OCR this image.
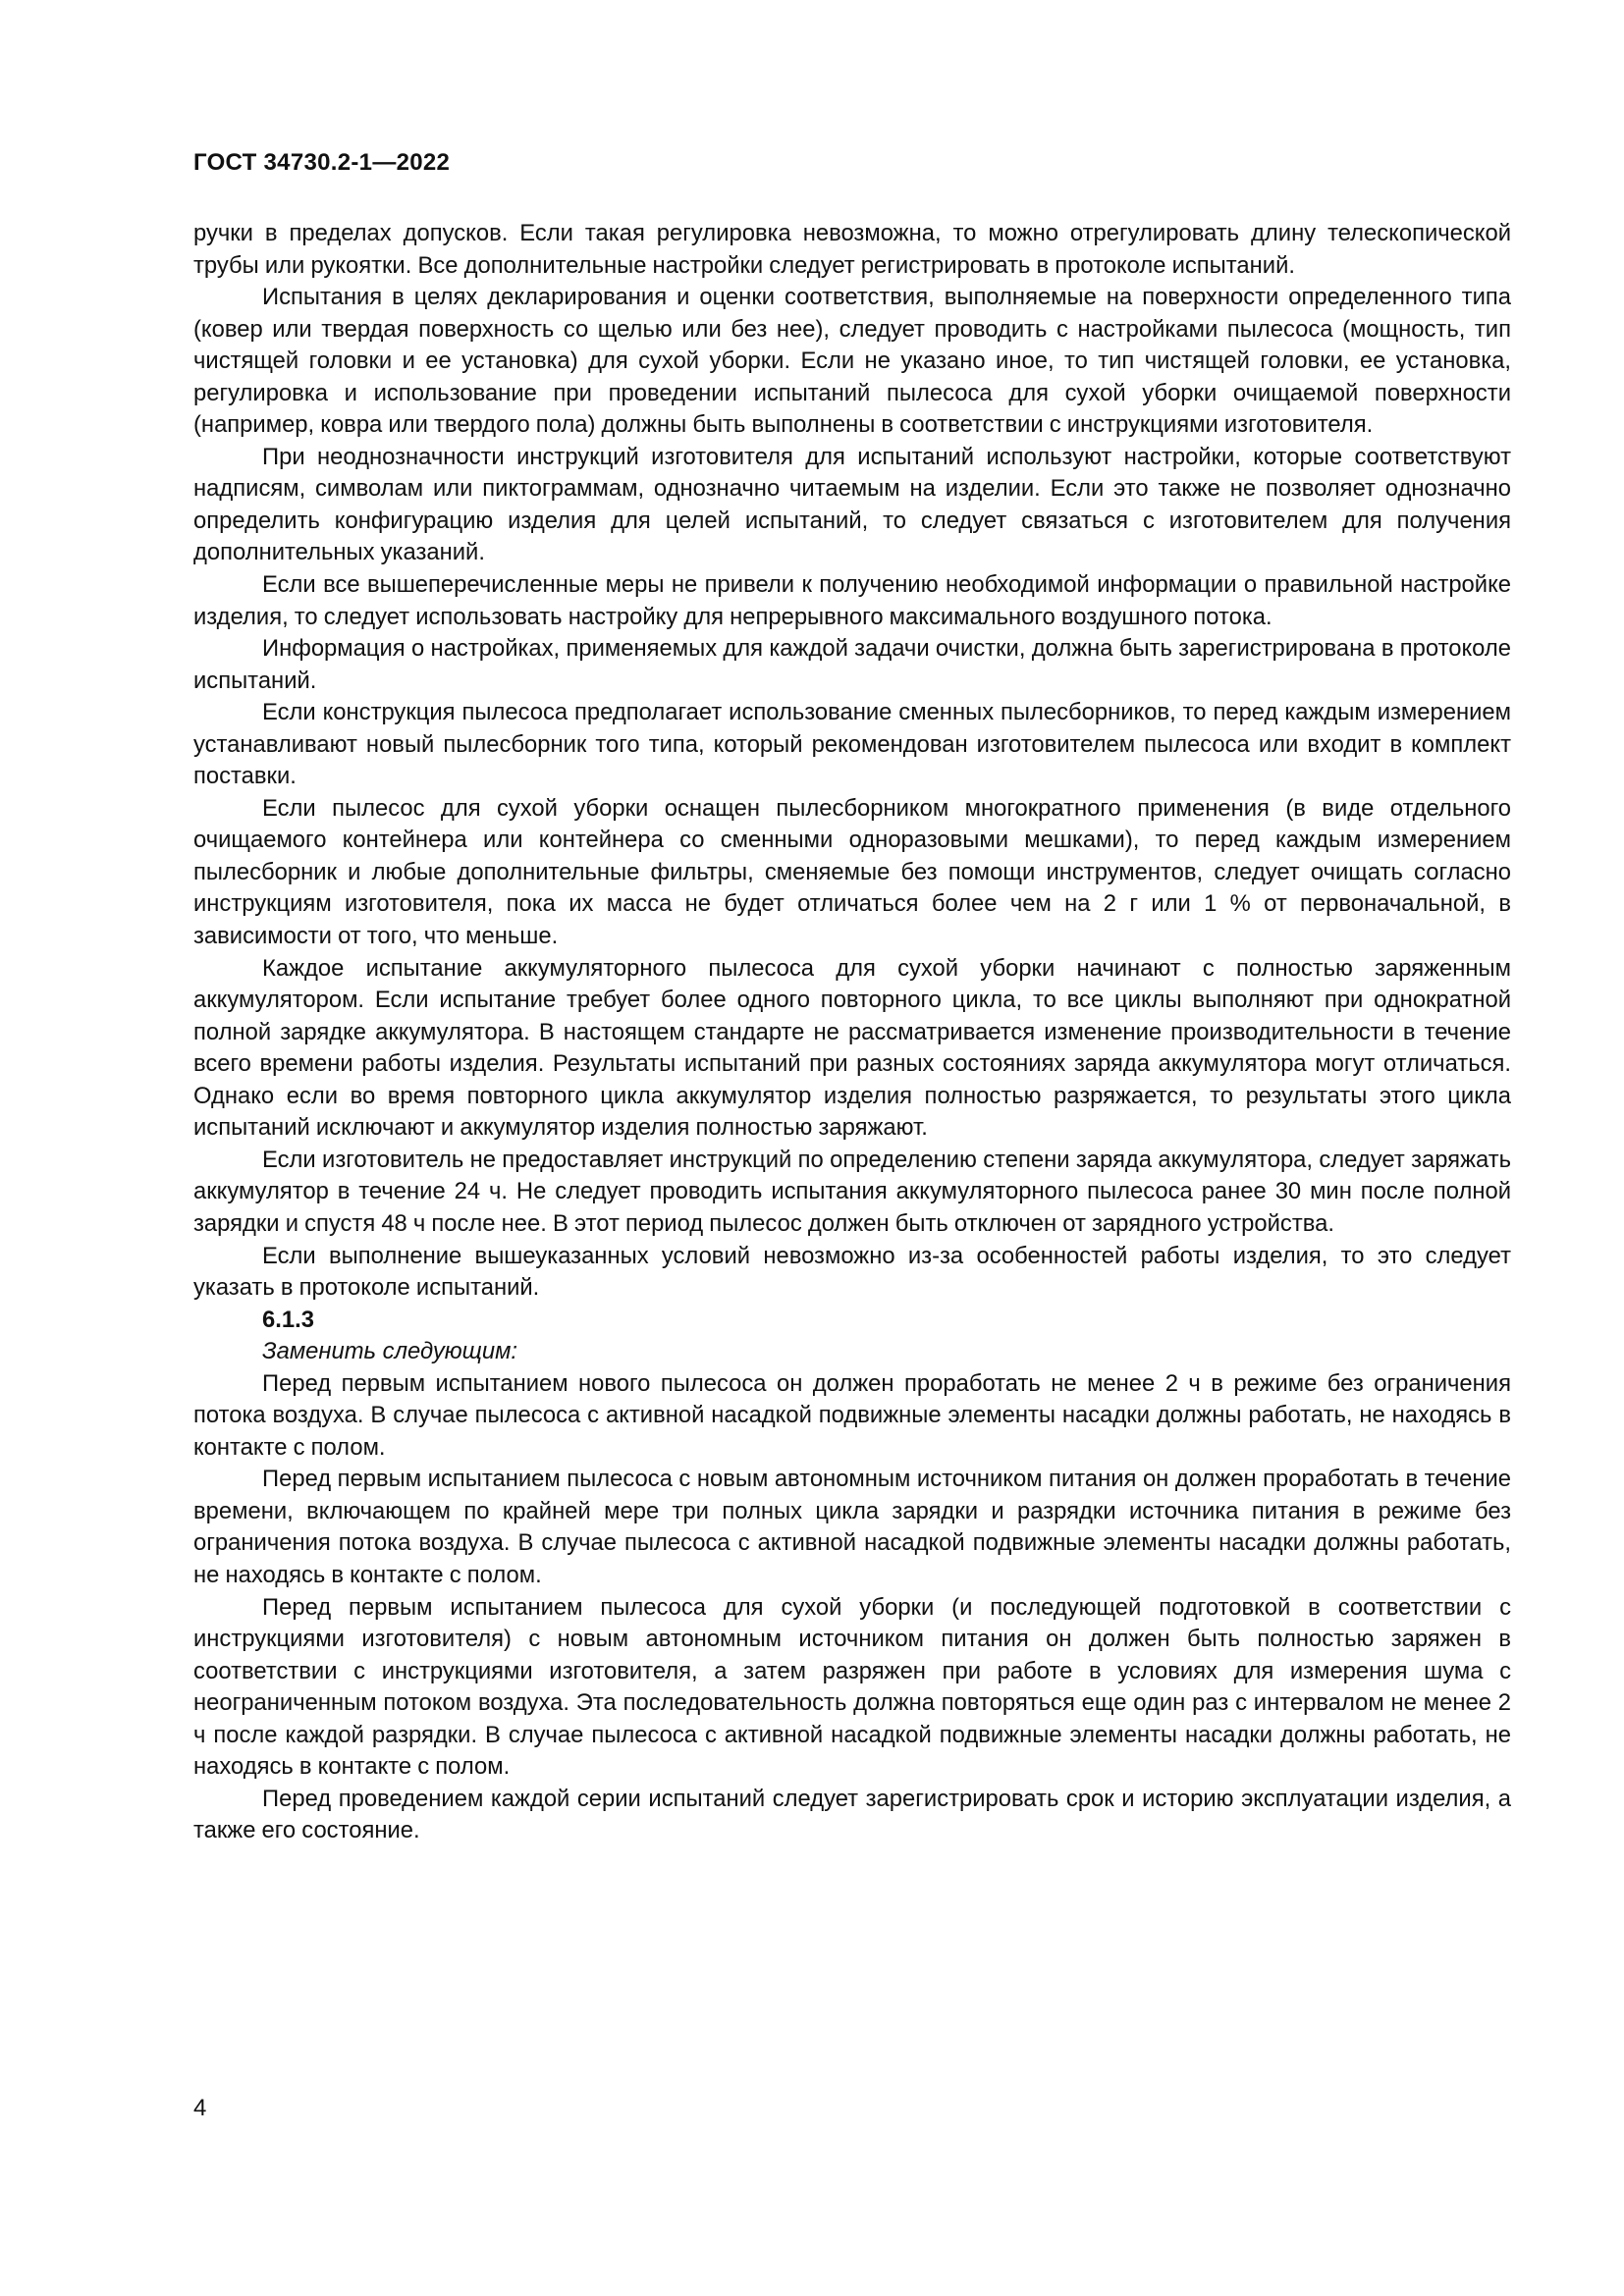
ГОСТ 34730.2-1—2022

ручки в пределах допусков. Если такая регулировка невозможна, то можно отрегулировать длину телескопической трубы или рукоятки. Все дополнительные настройки следует регистрировать в протоколе испытаний.

Испытания в целях декларирования и оценки соответствия, выполняемые на поверхности определенного типа (ковер или твердая поверхность со щелью или без нее), следует проводить с настройками пылесоса (мощность, тип чистящей головки и ее установка) для сухой уборки. Если не указано иное, то тип чистящей головки, ее установка, регулировка и использование при проведении испытаний пылесоса для сухой уборки очищаемой поверхности (например, ковра или твердого пола) должны быть выполнены в соответствии с инструкциями изготовителя.

При неоднозначности инструкций изготовителя для испытаний используют настройки, которые соответствуют надписям, символам или пиктограммам, однозначно читаемым на изделии. Если это также не позволяет однозначно определить конфигурацию изделия для целей испытаний, то следует связаться с изготовителем для получения дополнительных указаний.

Если все вышеперечисленные меры не привели к получению необходимой информации о правильной настройке изделия, то следует использовать настройку для непрерывного максимального воздушного потока.

Информация о настройках, применяемых для каждой задачи очистки, должна быть зарегистрирована в протоколе испытаний.

Если конструкция пылесоса предполагает использование сменных пылесборников, то перед каждым измерением устанавливают новый пылесборник того типа, который рекомендован изготовителем пылесоса или входит в комплект поставки.

Если пылесос для сухой уборки оснащен пылесборником многократного применения (в виде отдельного очищаемого контейнера или контейнера со сменными одноразовыми мешками), то перед каждым измерением пылесборник и любые дополнительные фильтры, сменяемые без помощи инструментов, следует очищать согласно инструкциям изготовителя, пока их масса не будет отличаться более чем на 2 г или 1 % от первоначальной, в зависимости от того, что меньше.

Каждое испытание аккумуляторного пылесоса для сухой уборки начинают с полностью заряженным аккумулятором. Если испытание требует более одного повторного цикла, то все циклы выполняют при однократной полной зарядке аккумулятора. В настоящем стандарте не рассматривается изменение производительности в течение всего времени работы изделия. Результаты испытаний при разных состояниях заряда аккумулятора могут отличаться. Однако если во время повторного цикла аккумулятор изделия полностью разряжается, то результаты этого цикла испытаний исключают и аккумулятор изделия полностью заряжают.

Если изготовитель не предоставляет инструкций по определению степени заряда аккумулятора, следует заряжать аккумулятор в течение 24 ч. Не следует проводить испытания аккумуляторного пылесоса ранее 30 мин после полной зарядки и спустя 48 ч после нее. В этот период пылесос должен быть отключен от зарядного устройства.

Если выполнение вышеуказанных условий невозможно из-за особенностей работы изделия, то это следует указать в протоколе испытаний.

6.1.3

Заменить следующим:

Перед первым испытанием нового пылесоса он должен проработать не менее 2 ч в режиме без ограничения потока воздуха. В случае пылесоса с активной насадкой подвижные элементы насадки должны работать, не находясь в контакте с полом.

Перед первым испытанием пылесоса с новым автономным источником питания он должен проработать в течение времени, включающем по крайней мере три полных цикла зарядки и разрядки источника питания в режиме без ограничения потока воздуха. В случае пылесоса с активной насадкой подвижные элементы насадки должны работать, не находясь в контакте с полом.

Перед первым испытанием пылесоса для сухой уборки (и последующей подготовкой в соответствии с инструкциями изготовителя) с новым автономным источником питания он должен быть полностью заряжен в соответствии с инструкциями изготовителя, а затем разряжен при работе в условиях для измерения шума с неограниченным потоком воздуха. Эта последовательность должна повторяться еще один раз с интервалом не менее 2 ч после каждой разрядки. В случае пылесоса с активной насадкой подвижные элементы насадки должны работать, не находясь в контакте с полом.

Перед проведением каждой серии испытаний следует зарегистрировать срок и историю эксплуатации изделия, а также его состояние.

4
